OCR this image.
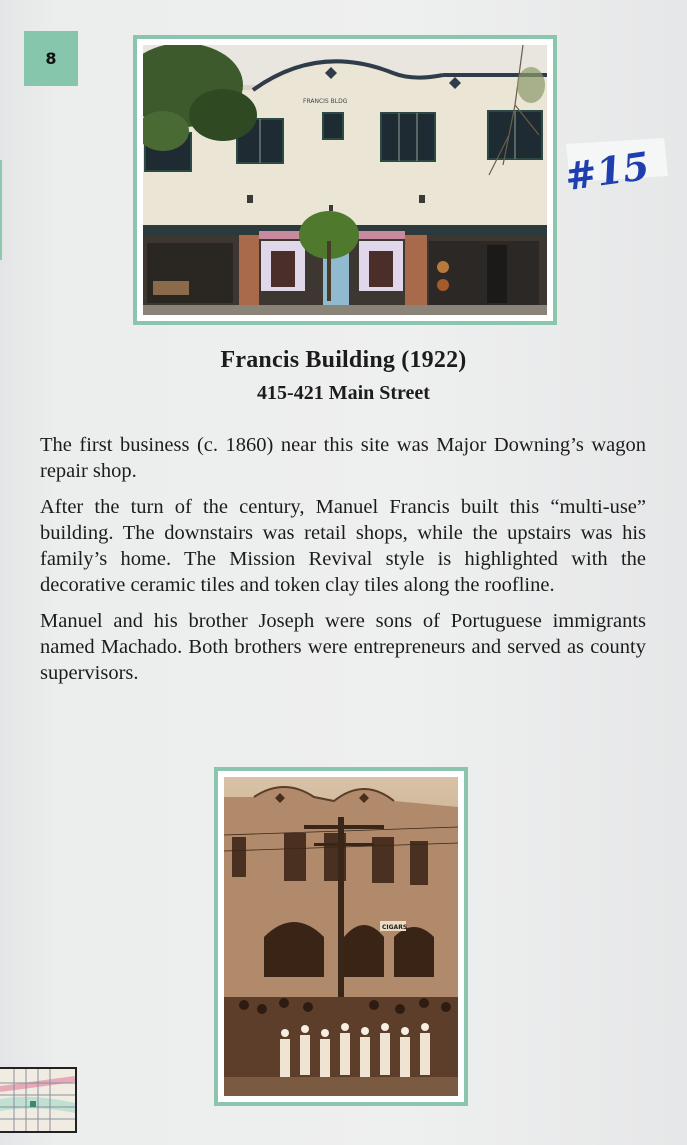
8
FRANCIS BLDG
#15
Francis Building (1922)
415-421 Main Street

The first business (c. 1860) near this site was Major Downing’s wagon repair shop.

After the turn of the century, Manuel Francis built this “multi-use” building. The downstairs was retail shops, while the upstairs was his family’s home. The Mission Revival style is highlighted with the decorative ceramic tiles and token clay tiles along the roofline.

Manuel and his brother Joseph were sons of Portuguese immigrants named Machado. Both brothers were entrepreneurs and served as county supervisors.

CIGARS
